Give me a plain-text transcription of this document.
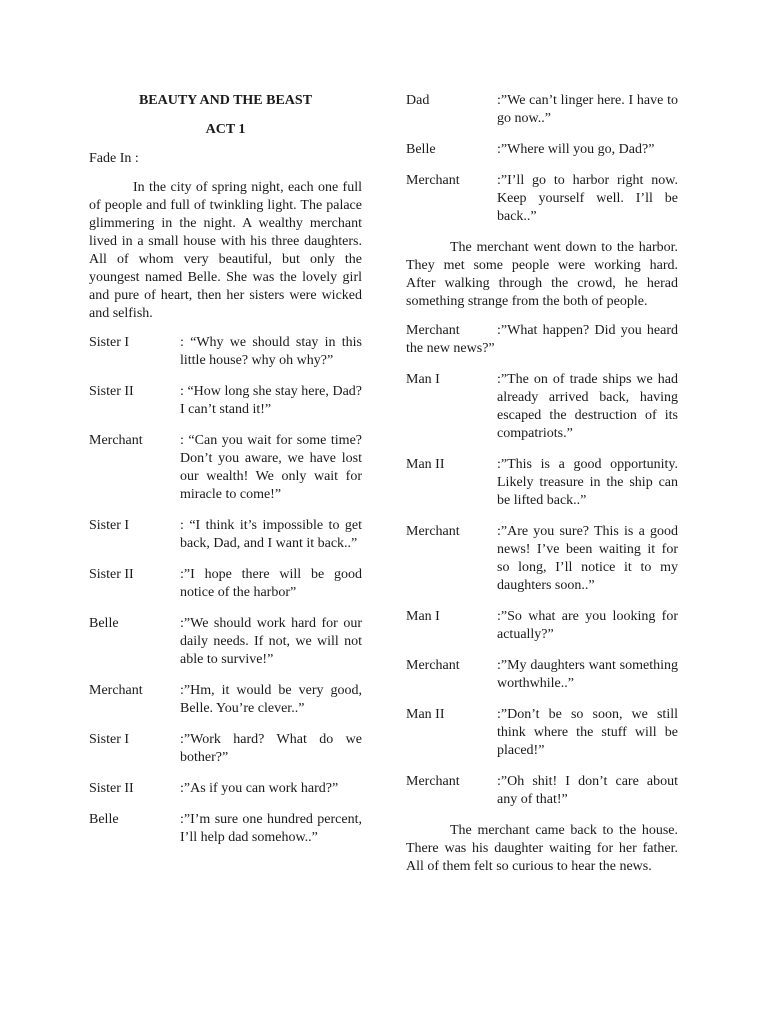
BEAUTY AND THE BEAST
ACT 1
Fade In :

In the city of spring night, each one full of people and full of twinkling light. The palace glimmering in the night. A wealthy merchant lived in a small house with his three daughters. All of whom very beautiful, but only the youngest named Belle. She was the lovely girl and pure of heart, then her sisters were wicked and selfish.

Sister I	: “Why we should stay in this little house? why oh why?”
Sister II	: “How long she stay here, Dad? I can’t stand it!”
Merchant	: “Can you wait for some time? Don’t you aware, we have lost our wealth! We only wait for miracle to come!”
Sister I	: “I think it’s impossible to get back, Dad, and I want it back..”
Sister II	:”I hope there will be good notice of the harbor”
Belle	:”We should work hard for our daily needs. If not, we will not able to survive!”
Merchant	:”Hm, it would be very good, Belle. You’re clever..”
Sister I	:”Work hard? What do we bother?”
Sister II	:”As if you can work hard?”
Belle	:”I’m sure one hundred percent, I’ll help dad somehow..”
Dad	:”We can’t linger here. I have to go now..”
Belle	:”Where will you go, Dad?”
Merchant	:”I’ll go to harbor right now. Keep yourself well. I’ll be back..”

The merchant went down to the harbor. They met some people were working hard. After walking through the crowd, he herad something strange from the both of people.

Merchant	:”What happen? Did you heard the new news?”
Man I	:”The on of trade ships we had already arrived back, having escaped the destruction of its compatriots.”
Man II	:”This is a good opportunity. Likely treasure in the ship can be lifted back..”
Merchant	:”Are you sure? This is a good news! I’ve been waiting it for so long, I’ll notice it to my daughters soon..”
Man I	:”So what are you looking for actually?”
Merchant	:”My daughters want something worthwhile..”
Man II	:”Don’t be so soon, we still think where the stuff will be placed!”
Merchant	:”Oh shit! I don’t care about any of that!”

The merchant came back to the house. There was his daughter waiting for her father. All of them felt so curious to hear the news.
